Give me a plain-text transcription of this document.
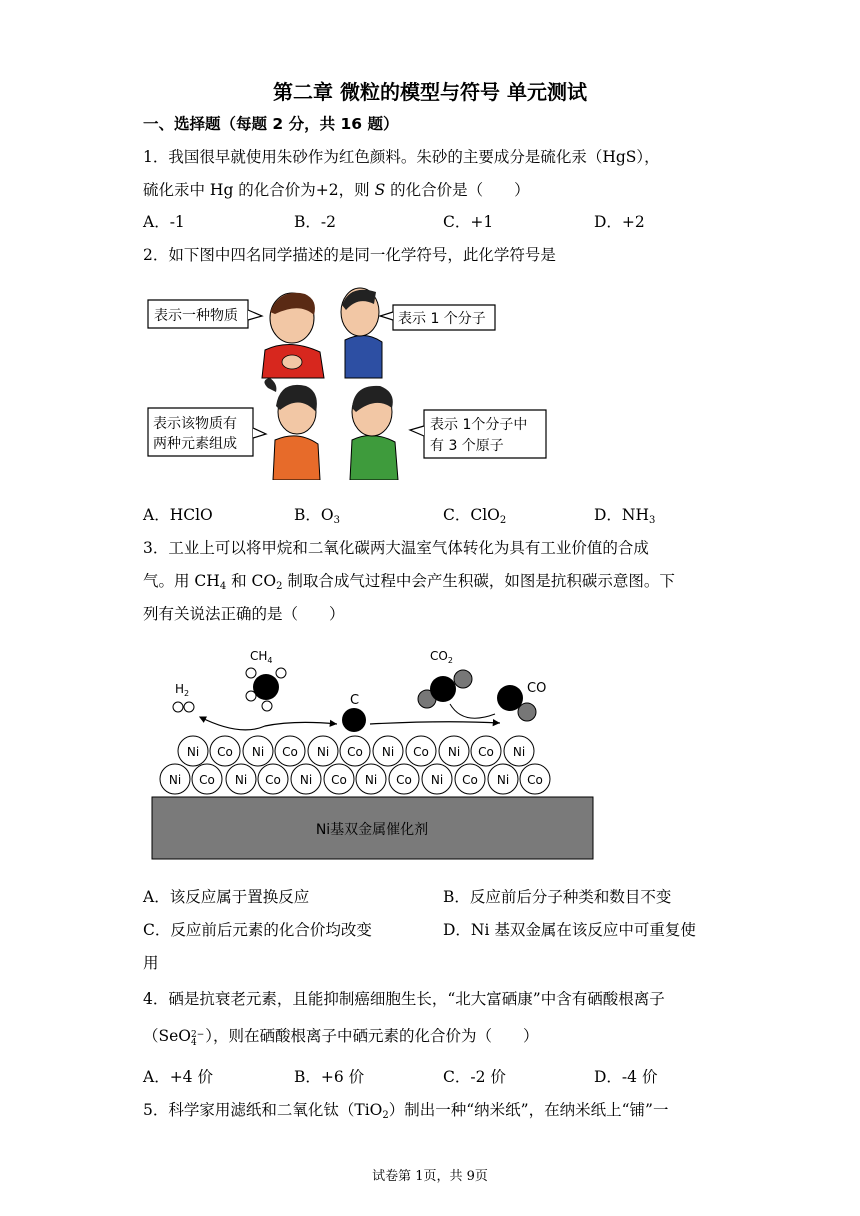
第二章 微粒的模型与符号 单元测试
一、选择题（每题 2 分，共 16 题）
1．我国很早就使用朱砂作为红色颜料。朱砂的主要成分是硫化汞（HgS），
硫化汞中 Hg 的化合价为+2，则 S 的化合价是（　　）
A．-1	B．-2	C．+1	D．+2
2．如下图中四名同学描述的是同一化学符号，此化学符号是
表示一种物质	表示 1 个分子
表示该物质有
两种元素组成
表示 1个分子中
有 3 个原子
A．HClO	B．$O_3$	C．ClO$_2$	D．$NH_3$
3．工业上可以将甲烷和二氧化碳两大温室气体转化为具有工业价值的合成
气。用 $CH_4$ 和 $CO_2$ 制取合成气过程中会产生积碳，如图是抗积碳示意图。下
列有关说法正确的是（　　）
$CH_4$
$H_2$	C
$CO_2$
CO
Ni Co Ni Co Ni Co Ni Co Ni Co Ni
Ni Co Ni Co Ni Co Ni Co Ni Co Ni Co
Ni基双金属催化剂
A．该反应属于置换反应	B．反应前后分子种类和数目不变
C．反应前后元素的化合价均改变	D．Ni 基双金属在该反应中可重复使
用
4．硒是抗衰老元素，且能抑制癌细胞生长，“北大富硒康”中含有硒酸根离子
（SeO 2−
4 ），则在硒酸根离子中硒元素的化合价为（　　）
A．+4 价	B．+6 价	C．-2 价	D．-4 价
5．科学家用滤纸和二氧化钛（TiO$_2$）制出一种“纳米纸”，在纳米纸上“铺”一
试卷第 1页，共 9页
